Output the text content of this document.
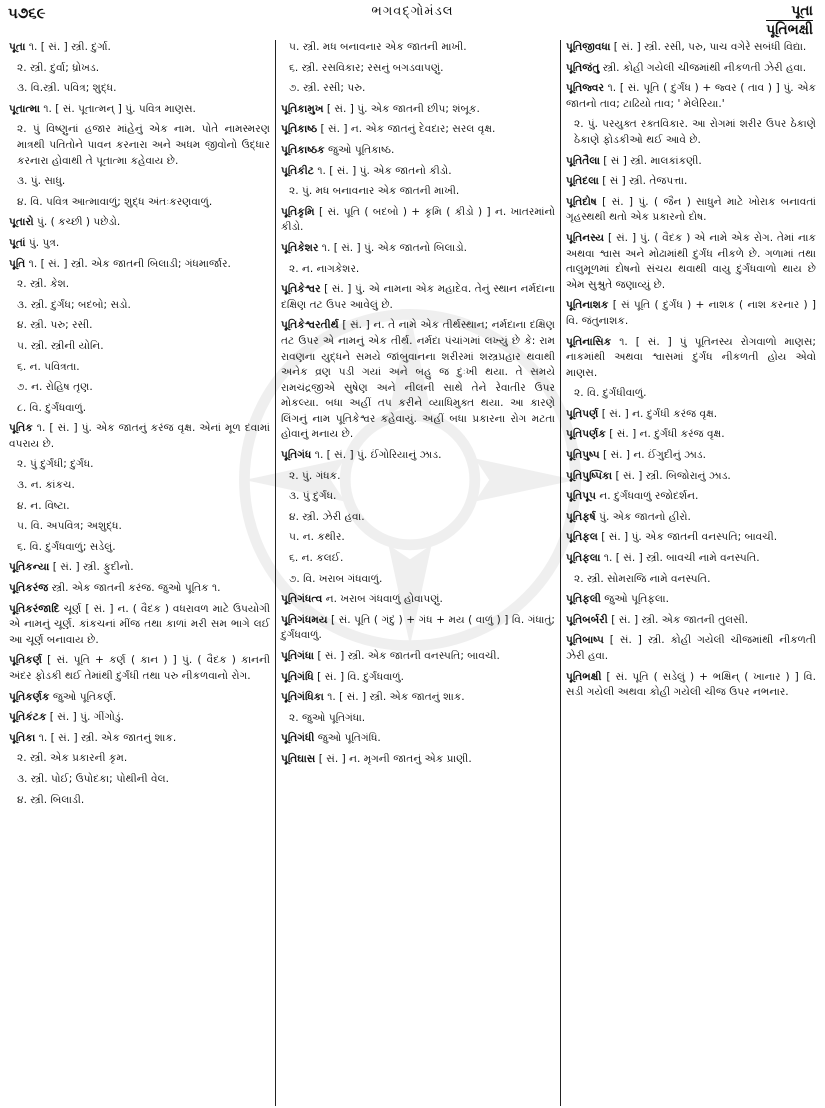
૫૭૬૯	ભગવદ્ગોમંડલ	પૂતા
પૂતિભક્ષી
પૂતા ૧. [ સં. ] સ્ત્રી. દુર્ગા.
૨. સ્ત્રી. દુર્વા; ધ્રોખડ.
૩. વિ.સ્ત્રી. પવિત્ર; શુદ્ધ.
પૂતાત્મા ૧. [ સં. પૂતાત્મન્ ] પું. પવિત્ર માણસ.
૨. પું વિષ્ણુનાં હજાર માંહેનું એક નામ. પોતે નામસ્મરણ માત્રથી પતિતોને પાવન કરનારા અને અધમ જીવોનો ઉદ્ધાર કરનારા હોવાથી તે પૂતાત્મા કહેવાય છે.
૩. પું. સાધુ.
૪. વિ. પવિત્ર આત્માવાળું; શુદ્ધ અંતઃકરણવાળું.
પૂતારો પું. ( કચ્છી ) પછેડો.
પૂતાં પું. પુત્ર.
પૂતિ ૧. [ સં. ] સ્ત્રી. એક જાતની બિલાડી; ગંધમાર્જાર.
૨. સ્ત્રી. કેશ.
૩. સ્ત્રી. દુર્ગંધ; બદબો; સડો.
૪. સ્ત્રી. પરુ; રસી.
૫. સ્ત્રી. સ્ત્રીની યોનિ.
૬. ન. પવિત્રતા.
૭. ન. રોહિષ તૃણ.
૮. વિ. દુર્ગંધવાળું.
પૂતિક ૧. [ સં. ] પું. એક જાતનું કરંજ વૃક્ષ. એનાં મૂળ દવામાં વપરાય છે.
૨. પું દુર્ગંધી; દુર્ગંધ.
૩. ન. કાંકચ.
૪. ન. વિષ્ટા.
૫. વિ. અપવિત્ર; અશુદ્ધ.
૬. વિ. દુર્ગંધવાળું; સડેલું.
પૂતિકન્યા [ સં. ] સ્ત્રી. ફુદીનો.
પૂતિકરંજ સ્ત્રી. એક જાતની કરંજ. જુઓ પૂતિક ૧.
પૂતિકરંજાદિ ચૂર્ણ [ સં. ] ન. ( વૈદક ) વધરાવળ માટે ઉપયોગી એ નામનું ચૂર્ણ. કાંકચનાં મીંજ તથા કાળાં મરી સમ ભાગે લઈ આ ચૂર્ણ બનાવાય છે.
પૂતિકર્ણ [ સં. પૂતિ + કર્ણ ( કાન ) ] પું. ( વૈદક ) કાનની અંદર ફોડકી થઈ તેમાંથી દુર્ગંધી તથા પરુ નીકળવાનો રોગ.
પૂતિકર્ણક જુઓ પૂતિકર્ણ.
પૂતિકંટક [ સં. ] પું. ગીંગોડું.
પૂતિકા ૧. [ સં. ] સ્ત્રી. એક જાતનું શાક.
૨. સ્ત્રી. એક પ્રકારની કૃમ.
૩. સ્ત્રી. પોઈ; ઉપોદકા; પોથીની વેલ.
૪. સ્ત્રી. બિલાડી.
૫. સ્ત્રી. મધ બનાવનાર એક જાતની માખી.
૬. સ્ત્રી. રસવિકાર; રસનું બગડવાપણું.
૭. સ્ત્રી. રસી; પરુ.
પૂતિકામુખ [ સં. ] પું. એક જાતની છીપ; શંબૂક.
પૂતિકાષ્ઠ [ સં. ] ન. એક જાતનું દેવદાર; સરલ વૃક્ષ.
પૂતિકાષ્ઠક જુઓ પૂતિકાષ્ઠ.
પૂતિકીટ ૧. [ સં. ] પું. એક જાતનો કીડો.
૨. પું. મધ બનાવનાર એક જાતની માખી.
પૂતિકૃમિ [ સં. પૂતિ ( બદબો ) + કૃમિ ( કીડો ) ] ન. ખાતરમાંનો કીડો.
પૂતિકેશર ૧. [ સં. ] પું. એક જાતનો બિલાડો.
૨. ન. નાગકેશર.
પૂતિકેશ્વર [ સં. ] પું. એ નામના એક મહાદેવ. તેનું સ્થાન નર્મદાના દક્ષિણ તટ ઉપર આવેલું છે.
પૂતિકેશ્વરતીર્થ [ સં. ] ન. તે નામે એક તીર્થસ્થાન; નર્મદાના દક્ષિણ તટ ઉપર એ નામનું એક તીર્થ. નર્મદા પંચાંગમાં લખ્યું છે કે: રામ રાવણના યુદ્ધને સમયે જાંબુવાનના શરીરમાં શસ્ત્રપ્રહાર થવાથી અનેક વ્રણ પડી ગયાં અને બહુ જ દુઃખી થયા. તે સમયે રામચંદ્રજીએ સુષેણ અને નીલની સાથે તેને રેવાતીર ઉપર મોકલ્યા. બધા અહીં તપ કરીને વ્યાધિમુક્ત થયા. આ કારણે લિંગનું નામ પૂતિકેશ્વર કહેવાયું. અહીં બધા પ્રકારના રોગ મટતા હોવાનું મનાય છે.
પૂતિગંધ ૧. [ સં. ] પું. ઈંગોરિયાનું ઝાડ.
૨. પું. ગંધક.
૩. પું દુર્ગંધ.
૪. સ્ત્રી. ઝેરી હવા.
૫. ન. કથીર.
૬. ન. કલઈ.
૭. વિ. ખરાબ ગંધવાળું.
પૂતિગંધત્વ ન. ખરાબ ગંધવાળું હોવાપણું.
પૂતિગંધમય [ સં. પૂતિ ( ગંદું ) + ગંધ + મય ( વાળું ) ] વિ. ગંધાતું; દુર્ગંધવાળું.
પૂતિગંધા [ સં. ] સ્ત્રી. એક જાતની વનસ્પતિ; બાવચી.
પૂતિગંધિ [ સં. ] વિ. દુર્ગંધવાળું.
પૂતિગંધિકા ૧. [ સં. ] સ્ત્રી. એક જાતનું શાક.
૨. જુઓ પૂતિગંધા.
પૂતિગંધી જુઓ પૂતિગંધિ.
પૂતિઘાસ [ સં. ] ન. મૃગની જાતનું એક પ્રાણી.
પૂતિજીવધા [ સં. ] સ્ત્રી. રસી, પરુ, પાચ વગેરે સબંધી વિદ્યા.
પૂતિજંતુ સ્ત્રી. કોહી ગયેલી ચીજમાંથી નીકળતી ઝેરી હવા.
પૂતિજ્વર ૧. [ સં. પૂતિ ( દુર્ગંધ ) + જ્વર ( તાવ ) ] પું. એક જાતનો તાવ; ટાઢિયો તાવ; ' મેલેરિયા.'
૨. પું. પરયુક્ત રક્તવિકાર. આ રોગમાં શરીર ઉપર ઠેકાણે ઠેકાણે ફોડકીઓ થઈ આવે છે.
પૂતિતૈલા [ સં ] સ્ત્રી. માલકાંકણી.
પૂતિદલા [ સં ] સ્ત્રી. તેજપત્તા.
પૂતિદોષ [ સં. ] પું. ( જૈન ) સાધુને માટે ખોરાક બનાવતાં ગૃહસ્થથી થતો એક પ્રકારનો દોષ.
પૂતિનસ્ય [ સં. ] પું. ( વૈદક ) એ નામે એક રોગ. તેમાં નાક અથવા શ્વાસ અને મોઢામાંથી દુર્ગંધ નીકળે છે. ગળામાં તથા તાલુમૂળમાં દોષનો સંચય થવાથી વાયુ દુર્ગંધવાળો થાય છે એમ સુશ્રુતે જણાવ્યું છે.
પૂતિનાશક [ સં પૂતિ ( દુર્ગંધ ) + નાશક ( નાશ કરનાર ) ] વિ. જંતુનાશક.
પૂતિનાસિક ૧. [ સં. ] પું પૂતિનસ્ય રોગવાળો માણસ; નાકમાંથી અથવા શ્વાસમાં દુર્ગંધ નીકળતી હોય એવો માણસ.
૨. વિ. દુર્ગંધીવાળું.
પૂતિપર્ણ [ સં. ] ન. દુર્ગંધી કરંજ વૃક્ષ.
પૂતિપર્ણક [ સં. ] ન. દુર્ગંધી કરંજ વૃક્ષ.
પૂતિપુષ્પ [ સં. ] ન. ઈંગુદીનું ઝાડ.
પૂતિપુષ્પિકા [ સં. ] સ્ત્રી. બિજોરાનું ઝાડ.
પૂતિપૂપ ન. દુર્ગંધવાળું રજોદર્શન.
પૂતિફર્ષ પું. એક જાતનો હીરો.
પૂતિફલ [ સં. ] પું. એક જાતની વનસ્પતિ; બાવચી.
પૂતિફલા ૧. [ સં. ] સ્ત્રી. બાવચી નામે વનસ્પતિ.
૨. સ્ત્રી. સોમરાજિ નામે વનસ્પતિ.
પૂતિફલી જુઓ પૂતિફલા.
પૂતિબર્બરી [ સં. ] સ્ત્રી. એક જાતની તુલસી.
પૂતિબાષ્પ [ સં. ] સ્ત્રી. કોહી ગયેલી ચીજમાંથી નીકળતી ઝેરી હવા.
પૂતિભક્ષી [ સં. પૂતિ ( સડેલું ) + ભક્ષિન્ ( ખાનાર ) ] વિ. સડી ગયેલી અથવા કોહી ગયેલી ચીજ ઉપર નભનાર.
